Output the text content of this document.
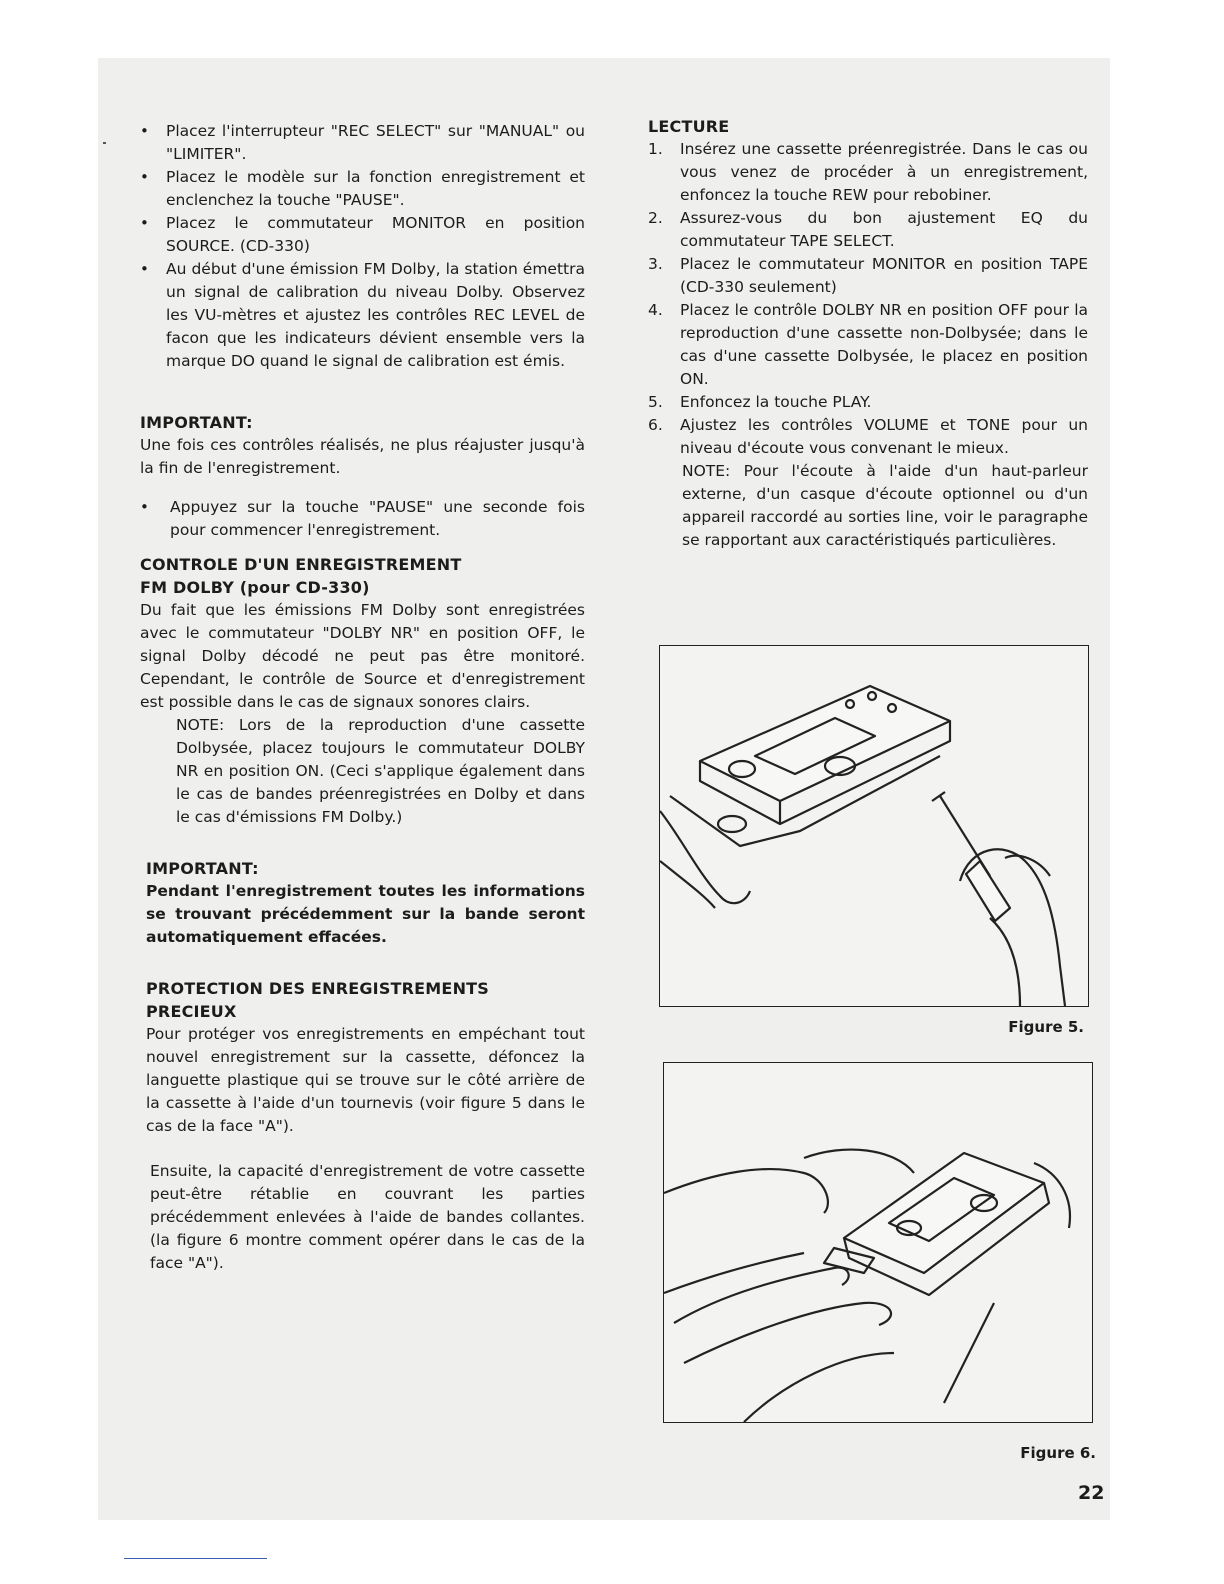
• Placez l'interrupteur "REC SELECT" sur "MANUAL" ou "LIMITER".

• Placez le modèle sur la fonction enregistrement et enclenchez la touche "PAUSE".

• Placez le commutateur MONITOR en position SOURCE. (CD-330)

• Au début d'une émission FM Dolby, la station émettra un signal de calibration du niveau Dolby. Observez les VU-mètres et ajustez les contrôles REC LEVEL de facon que les indicateurs dévient ensemble vers la marque DO quand le signal de calibration est émis.

IMPORTANT:
Une fois ces contrôles réalisés, ne plus réajuster jusqu'à la fin de l'enregistrement.

• Appuyez sur la touche "PAUSE" une seconde fois pour commencer l'enregistrement.

CONTROLE D'UN ENREGISTREMENT
FM DOLBY (pour CD-330)
Du fait que les émissions FM Dolby sont enregistrées avec le commutateur "DOLBY NR" en position OFF, le signal Dolby décodé ne peut pas être monitoré. Cependant, le contrôle de Source et d'enregistrement est possible dans le cas de signaux sonores clairs.
NOTE: Lors de la reproduction d'une cassette Dolbysée, placez toujours le commutateur DOLBY NR en position ON. (Ceci s'applique également dans le cas de bandes préenregistrées en Dolby et dans le cas d'émissions FM Dolby.)
IMPORTANT:
Pendant l'enregistrement toutes les informations se trouvant précédemment sur la bande seront automatiquement effacées.
PROTECTION DES ENREGISTREMENTS
PRECIEUX
Pour protéger vos enregistrements en empéchant tout nouvel enregistrement sur la cassette, défoncez la languette plastique qui se trouve sur le côté arrière de la cassette à l'aide d'un tournevis (voir figure 5 dans le cas de la face "A").
Ensuite, la capacité d'enregistrement de votre cassette peut-être rétablie en couvrant les parties précédemment enlevées à l'aide de bandes collantes. (la figure 6 montre comment opérer dans le cas de la face "A").
LECTURE
1. Insérez une cassette préenregistrée. Dans le cas ou vous venez de procéder à un enregistrement, enfoncez la touche REW pour rebobiner.
2. Assurez-vous du bon ajustement EQ du commutateur TAPE SELECT.
3. Placez le commutateur MONITOR en position TAPE (CD-330 seulement)
4. Placez le contrôle DOLBY NR en position OFF pour la reproduction d'une cassette non-Dolbysée; dans le cas d'une cassette Dolbysée, le placez en position ON.
5. Enfoncez la touche PLAY.
6. Ajustez les contrôles VOLUME et TONE pour un niveau d'écoute vous convenant le mieux.
NOTE: Pour l'écoute à l'aide d'un haut-parleur externe, d'un casque d'écoute optionnel ou d'un appareil raccordé au sorties line, voir le paragraphe se rapportant aux caractéristiqués particulières.
Figure 5.
Figure 6.
22
